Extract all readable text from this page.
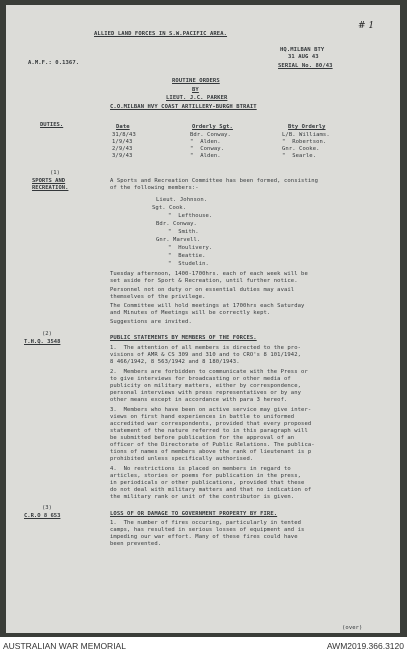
# 1
ALLIED LAND FORCES IN S.W.PACIFIC AREA.
HQ.MILBAN BTY
A.M.F.: 0.1367.
31 AUG 43
SERIAL No. 80/43
ROUTINE ORDERS
BY
LIEUT. J.C. PARKER
C.O.MILBAN HVY COAST ARTILLERY-BURGH BTRAIT
DUTIES.	Date	Orderly Sgt.	Bty Orderly
31/8/43	Bdr. Conway.	L/B. Williams.
1/9/43	"  Alden.	"  Robertson.
2/9/43	"  Conway.	Gnr. Cooke.
3/9/43	"  Alden.	"  Searle.
(1)
SPORTS AND
RECREATION.
A Sports and Recreation Committee has been formed, consisting
of the following members:-
Lieut. Johnson.
Sgt. Cook.
"  Lefthouse.
Bdr. Conway.
"  Smith.
Gnr. Marvell.
"  Houlivery.
"  Beattie.
"  Studelin.
Tuesday afternoon, 1400-1700hrs. each of each week will be
set aside for Sport & Recreation, until further notice.
Personnel not on duty or on essential duties may avail
themselves of the privilege.
The Committee will hold meetings at 1700hrs each Saturday
and Minutes of Meetings will be correctly kept.
Suggestions are invited.
(2)
T.H.Q. 3548
PUBLIC STATEMENTS BY MEMBERS OF THE FORCES.
1.  The attention of all members is directed to the pro-
visions of AMR & CS 309 and 310 and to CRO's 8 101/1942,
8 466/1942, 8 563/1942 and 8 180/1943.
2.  Members are forbidden to communicate with the Press or
to give interviews for broadcasting or other media of
publicity on military matters, either by correspondence,
personal interviews with press representatives or by any
other means except in accordance with para 3 hereof.
3.  Members who have been on active service may give inter-
views on first hand experiences in battle to uniformed
accredited war correspondents, provided that every proposed
statement of the nature referred to in this paragraph will
be submitted before publication for the approval of an
officer of the Directorate of Public Relations. The publica-
tions of names of members above the rank of lieutenant is p
prohibited unless specifically authorised.
4.  No restrictions is placed on members in regard to
articles, stories or poems for publication in the press,
in periodicals or other publications, provided that these
do not deal with military matters and that no indication of
the military rank or unit of the contributor is given.
(3)
C.R.O 8 653	LOSS OF OR DAMAGE TO GOVERNMENT PROPERTY BY FIRE.
1.  The number of fires occuring, particularly in tented
camps, has resulted in serious losses of equipment and is
impeding our war effort. Many of these fires could have
been prevented.
(over)
AUSTRALIAN WAR MEMORIAL	AWM2019.366.3120
